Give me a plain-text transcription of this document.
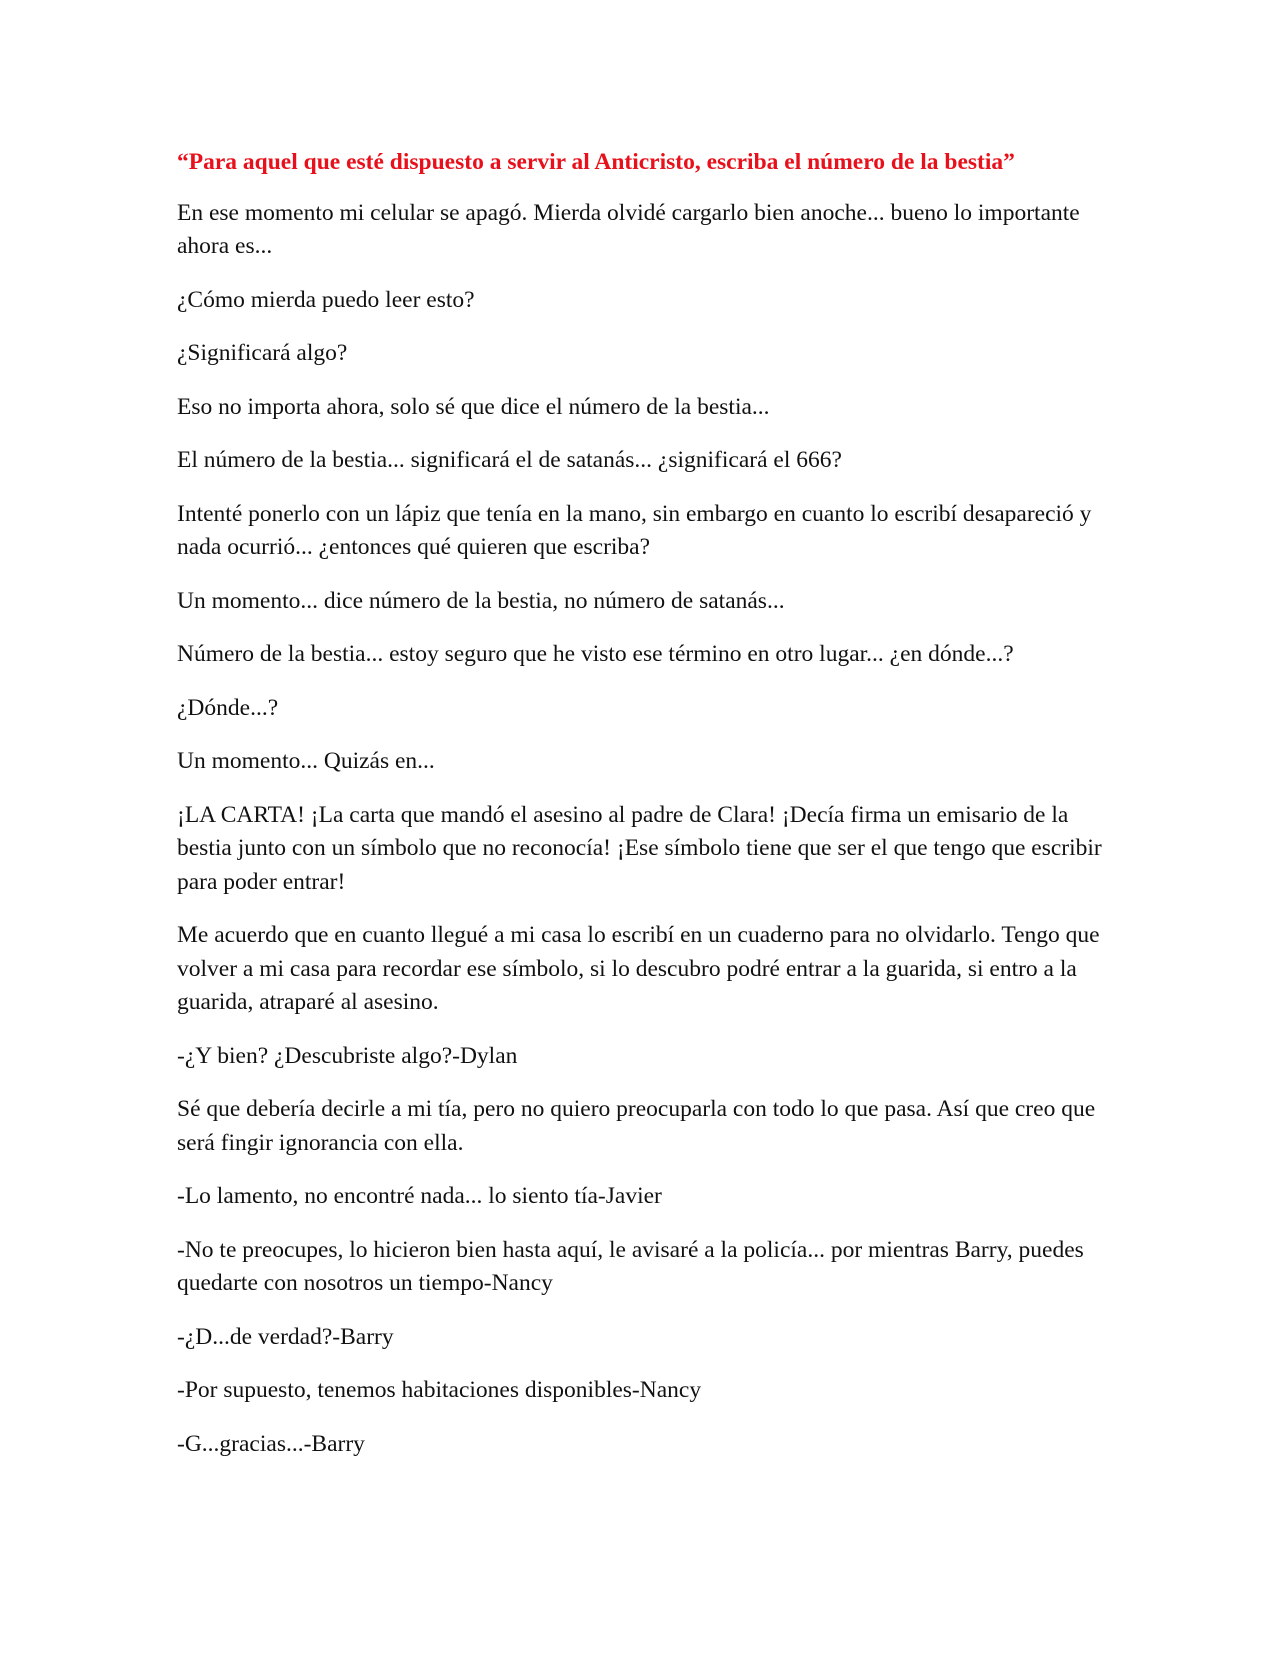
“Para aquel que esté dispuesto a servir al Anticristo, escriba el número de la bestia”

En ese momento mi celular se apagó. Mierda olvidé cargarlo bien anoche... bueno lo importante ahora es...

¿Cómo mierda puedo leer esto?

¿Significará algo?

Eso no importa ahora, solo sé que dice el número de la bestia...

El número de la bestia... significará el de satanás... ¿significará el 666?

Intenté ponerlo con un lápiz que tenía en la mano, sin embargo en cuanto lo escribí desapareció y nada ocurrió... ¿entonces qué quieren que escriba?

Un momento... dice número de la bestia, no número de satanás...

Número de la bestia... estoy seguro que he visto ese término en otro lugar... ¿en dónde...?

¿Dónde...?

Un momento... Quizás en...

¡LA CARTA! ¡La carta que mandó el asesino al padre de Clara! ¡Decía firma un emisario de la bestia junto con un símbolo que no reconocía! ¡Ese símbolo tiene que ser el que tengo que escribir para poder entrar!

Me acuerdo que en cuanto llegué a mi casa lo escribí en un cuaderno para no olvidarlo. Tengo que volver a mi casa para recordar ese símbolo, si lo descubro podré entrar a la guarida, si entro a la guarida, atraparé al asesino.

-¿Y bien? ¿Descubriste algo?-Dylan

Sé que debería decirle a mi tía, pero no quiero preocuparla con todo lo que pasa. Así que creo que será fingir ignorancia con ella.

-Lo lamento, no encontré nada... lo siento tía-Javier

-No te preocupes, lo hicieron bien hasta aquí, le avisaré a la policía... por mientras Barry, puedes quedarte con nosotros un tiempo-Nancy

-¿D...de verdad?-Barry

-Por supuesto, tenemos habitaciones disponibles-Nancy

-G...gracias...-Barry
